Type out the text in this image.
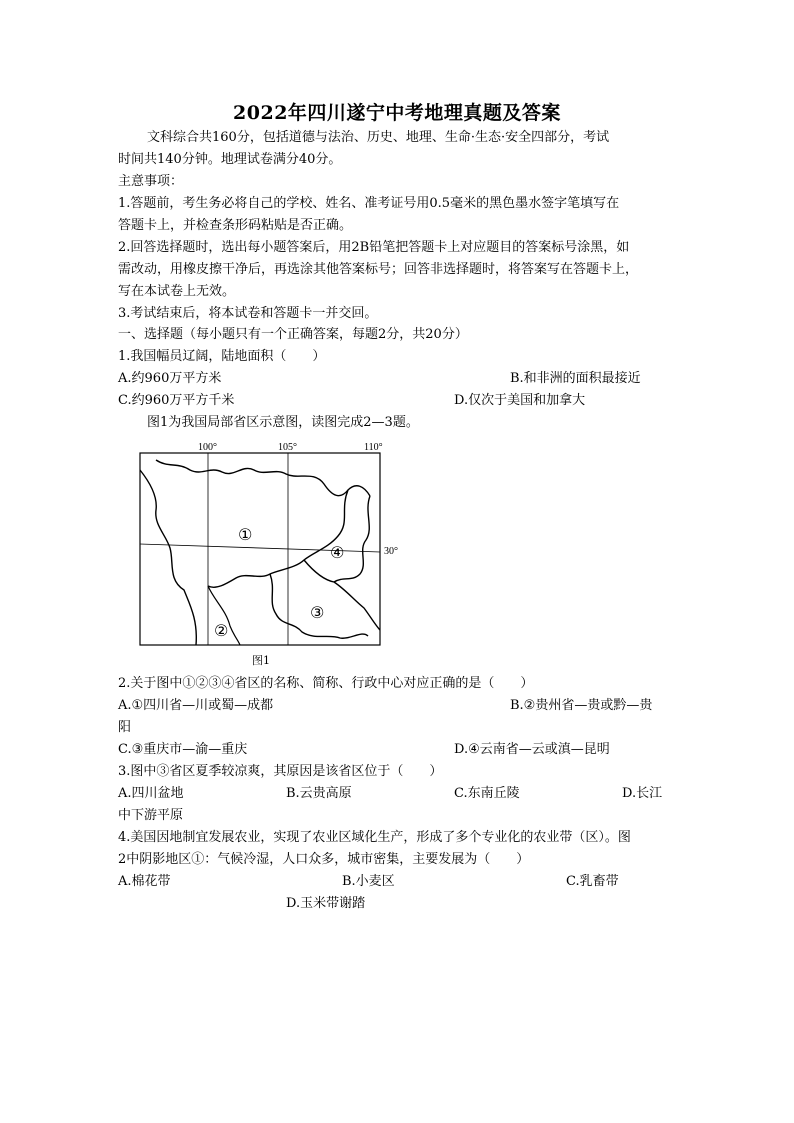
2022年四川遂宁中考地理真题及答案
文科综合共160分，包括道德与法治、历史、地理、生命·生态·安全四部分，考试
时间共140分钟。地理试卷满分40分。
主意事项：
1.答题前，考生务必将自己的学校、姓名、准考证号用0.5毫米的黑色墨水签字笔填写在
答题卡上，并检查条形码粘贴是否正确。
2.回答选择题时，选出每小题答案后，用2B铅笔把答题卡上对应题目的答案标号涂黑，如
需改动，用橡皮擦干净后，再选涂其他答案标号；回答非选择题时，将答案写在答题卡上，
写在本试卷上无效。
3.考试结束后，将本试卷和答题卡一并交回。
一、选择题（每小题只有一个正确答案，每题2分，共20分）
1.我国幅员辽阔，陆地面积（　　）
A.约960万平方米	B.和非洲的面积最接近
C.约960万平方千米	D.仅次于美国和加拿大
图1为我国局部省区示意图，读图完成2—3题。
100°	105°	110°
30°
①
②
③
④
图1
2.关于图中①②③④省区的名称、简称、行政中心对应正确的是（　　）
A.①四川省—川或蜀—成都	B.②贵州省—贵或黔—贵
阳
C.③重庆市—渝—重庆	D.④云南省—云或滇—昆明
3.图中③省区夏季较凉爽，其原因是该省区位于（　　）
A.四川盆地	B.云贵高原	C.东南丘陵	D.长江
中下游平原
4.美国因地制宜发展农业，实现了农业区域化生产，形成了多个专业化的农业带（区）。图
2中阴影地区①：气候冷湿，人口众多，城市密集，主要发展为（　　）
A.棉花带	B.小麦区	C.乳畜带
D.玉米带谢踏
